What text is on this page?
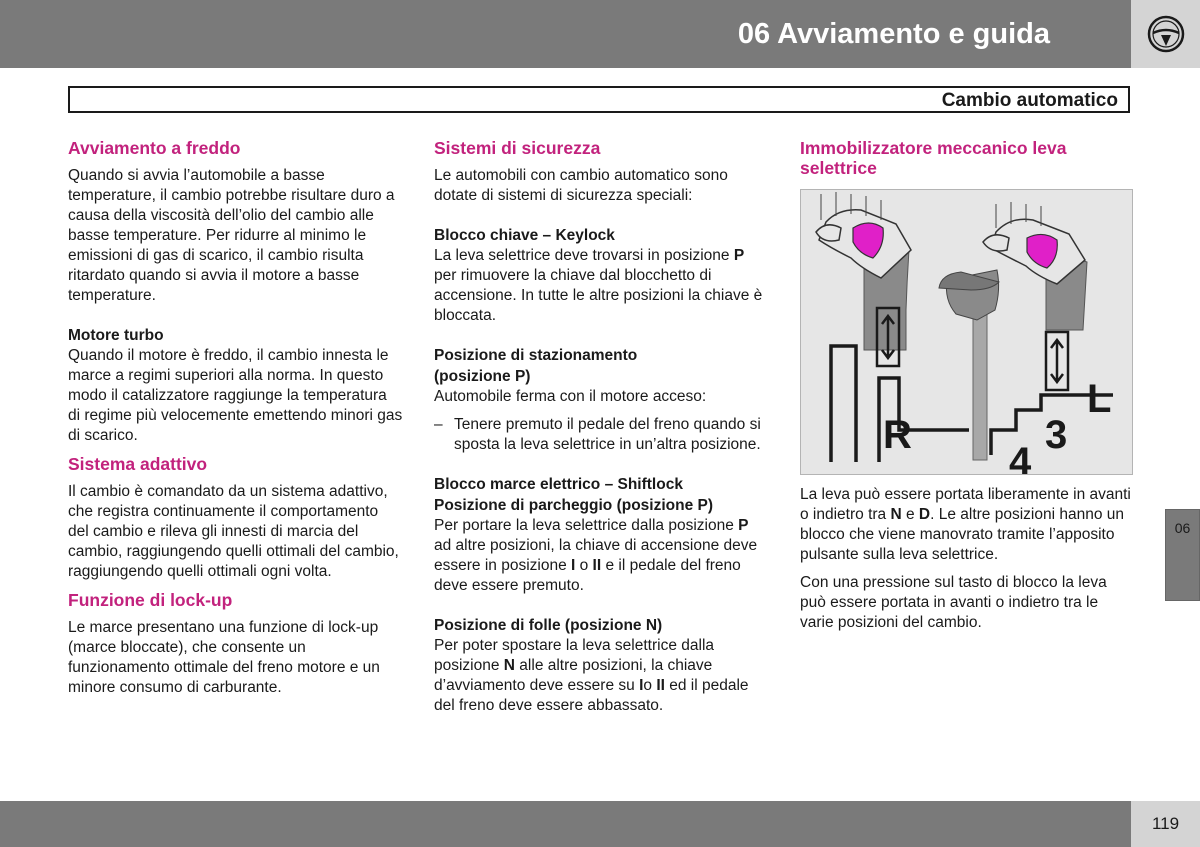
06 Avviamento e guida
Cambio automatico
Avviamento a freddo

Quando si avvia l’automobile a basse temperature, il cambio potrebbe risultare duro a causa della viscosità dell’olio del cambio alle basse temperature. Per ridurre al minimo le emissioni di gas di scarico, il cambio risulta ritardato quando si avvia il motore a basse temperature.

Motore turbo

Quando il motore è freddo, il cambio innesta le marce a regimi superiori alla norma. In questo modo il catalizzatore raggiunge la temperatura di regime più velocemente emettendo minori gas di scarico.

Sistema adattivo

Il cambio è comandato da un sistema adattivo, che registra continuamente il comportamento del cambio e rileva gli innesti di marcia del cambio, raggiungendo quelli ottimali del cambio, raggiungendo quelli ottimali ogni volta.

Funzione di lock-up

Le marce presentano una funzione di lock-up (marce bloccate), che consente un funzionamento ottimale del freno motore e un minore consumo di carburante.

Sistemi di sicurezza

Le automobili con cambio automatico sono dotate di sistemi di sicurezza speciali:

Blocco chiave – Keylock

La leva selettrice deve trovarsi in posizione P per rimuovere la chiave dal blocchetto di accensione. In tutte le altre posizioni la chiave è bloccata.

Posizione di stazionamento
(posizione P)

Automobile ferma con il motore acceso:

– Tenere premuto il pedale del freno quando si sposta la leva selettrice in un’altra posizione.
Blocco marce elettrico – Shiftlock
Posizione di parcheggio (posizione P)

Per portare la leva selettrice dalla posizione P ad altre posizioni, la chiave di accensione deve essere in posizione I o II e il pedale del freno deve essere premuto.

Posizione di folle (posizione N)

Per poter spostare la leva selettrice dalla posizione N alle altre posizioni, la chiave d’avviamento deve essere su Io II ed il pedale del freno deve essere abbassato.

Immobilizzatore meccanico leva selettrice
R
4
3
L

La leva può essere portata liberamente in avanti o indietro tra N e D. Le altre posizioni hanno un blocco che viene manovrato tramite l’apposito pulsante sulla leva selettrice.

Con una pressione sul tasto di blocco la leva può essere portata in avanti o indietro tra le varie posizioni del cambio.

06
119
